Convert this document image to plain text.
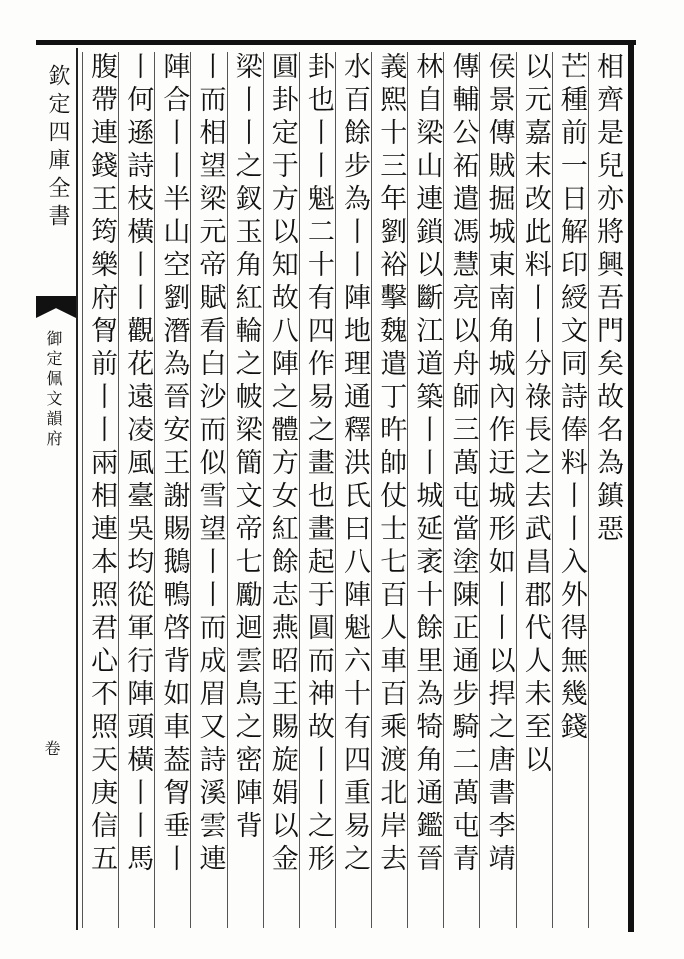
欽定四庫全書
御定佩文韻府
卷
相齊是兒亦將興吾門矣故名為鎮惡
芒種前一日解印綬文同詩俸料丨丨入外得無幾錢
以元嘉末改此料丨丨分祿長之去武昌郡代人未至以
侯景傳賊掘城東南角城內作迂城形如丨丨以捍之唐書李靖
傳輔公祏遣馮慧亮以舟師三萬屯當塗陳正通步騎二萬屯青
林自梁山連鎖以斷江道築丨丨城延袤十餘里為犄角通鑑晉
義熙十三年劉裕擊魏遣丁旿帥仗士七百人車百乘渡北岸去
水百餘步為丨丨陣地理通釋洪氏曰八陣魁六十有四重易之
卦也丨丨魁二十有四作易之畫也畫起于圓而神故丨丨之形
圓卦定于方以知故八陣之體方女紅餘志燕昭王賜旋娟以金
梁丨丨之釵玉角紅輪之帔梁簡文帝七勵迴雲鳥之密陣背
丨而相望梁元帝賦看白沙而似雪望丨丨而成眉又詩溪雲連
陣合丨丨半山空劉潛為晉安王謝賜鵝鴨啓背如車葢胷垂丨
丨何遜詩枝橫丨丨觀花遠凌風臺吳均從軍行陣頭橫丨丨馬
腹帶連錢王筠樂府胷前丨丨兩相連本照君心不照天庚信五
